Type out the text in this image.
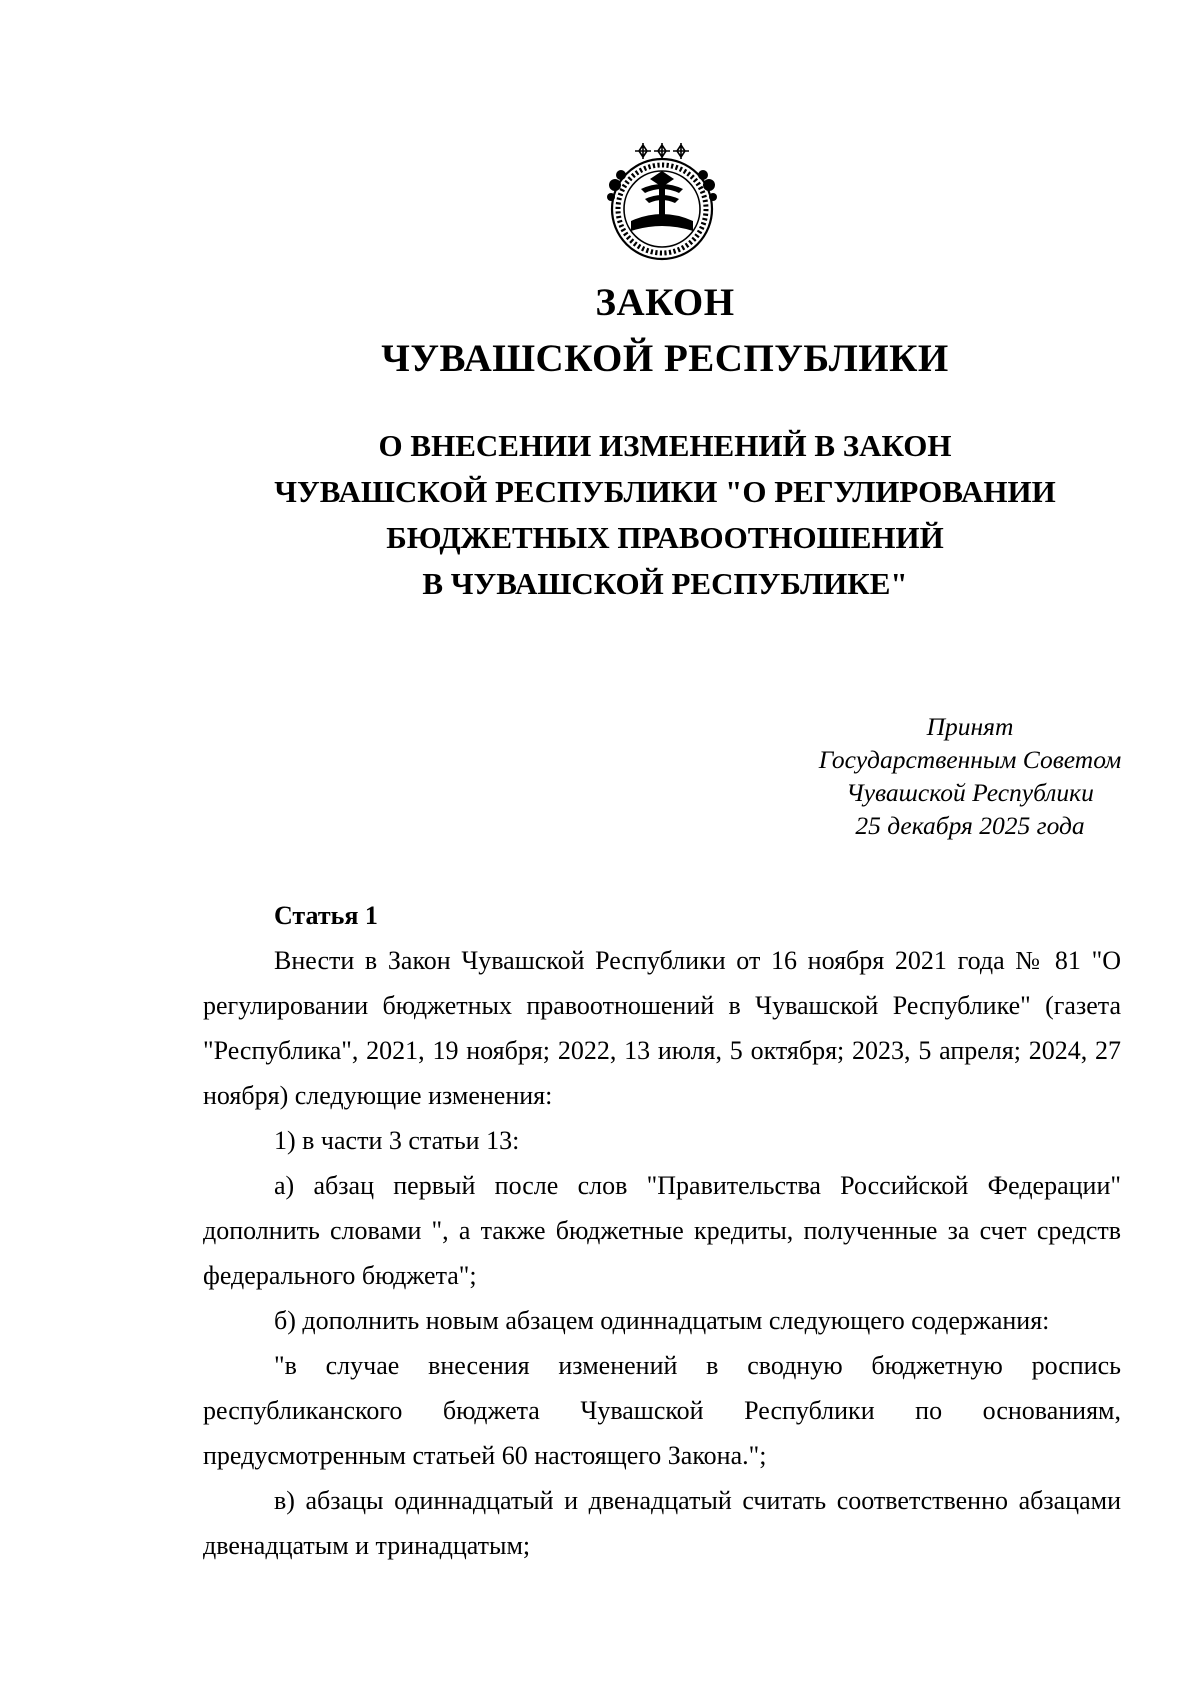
ЗАКОН
ЧУВАШСКОЙ РЕСПУБЛИКИ
О ВНЕСЕНИИ ИЗМЕНЕНИЙ В ЗАКОН
ЧУВАШСКОЙ РЕСПУБЛИКИ "О РЕГУЛИРОВАНИИ
БЮДЖЕТНЫХ ПРАВООТНОШЕНИЙ
В ЧУВАШСКОЙ РЕСПУБЛИКЕ"
Принят
Государственным Советом
Чувашской Республики
25 декабря 2025 года

Статья 1

Внести в Закон Чувашской Республики от 16 ноября 2021 года № 81 "О регулировании бюджетных правоотношений в Чувашской Республике" (газета "Республика", 2021, 19 ноября; 2022, 13 июля, 5 октября; 2023, 5 апреля; 2024, 27 ноября) следующие изменения:

1) в части 3 статьи 13:

а) абзац первый после слов "Правительства Российской Федерации" дополнить словами ", а также бюджетные кредиты, полученные за счет средств федерального бюджета";

б) дополнить новым абзацем одиннадцатым следующего содержания:

"в случае внесения изменений в сводную бюджетную роспись республиканского бюджета Чувашской Республики по основаниям, предусмотренным статьей 60 настоящего Закона.";

в) абзацы одиннадцатый и двенадцатый считать соответственно абзацами двенадцатым и тринадцатым;
